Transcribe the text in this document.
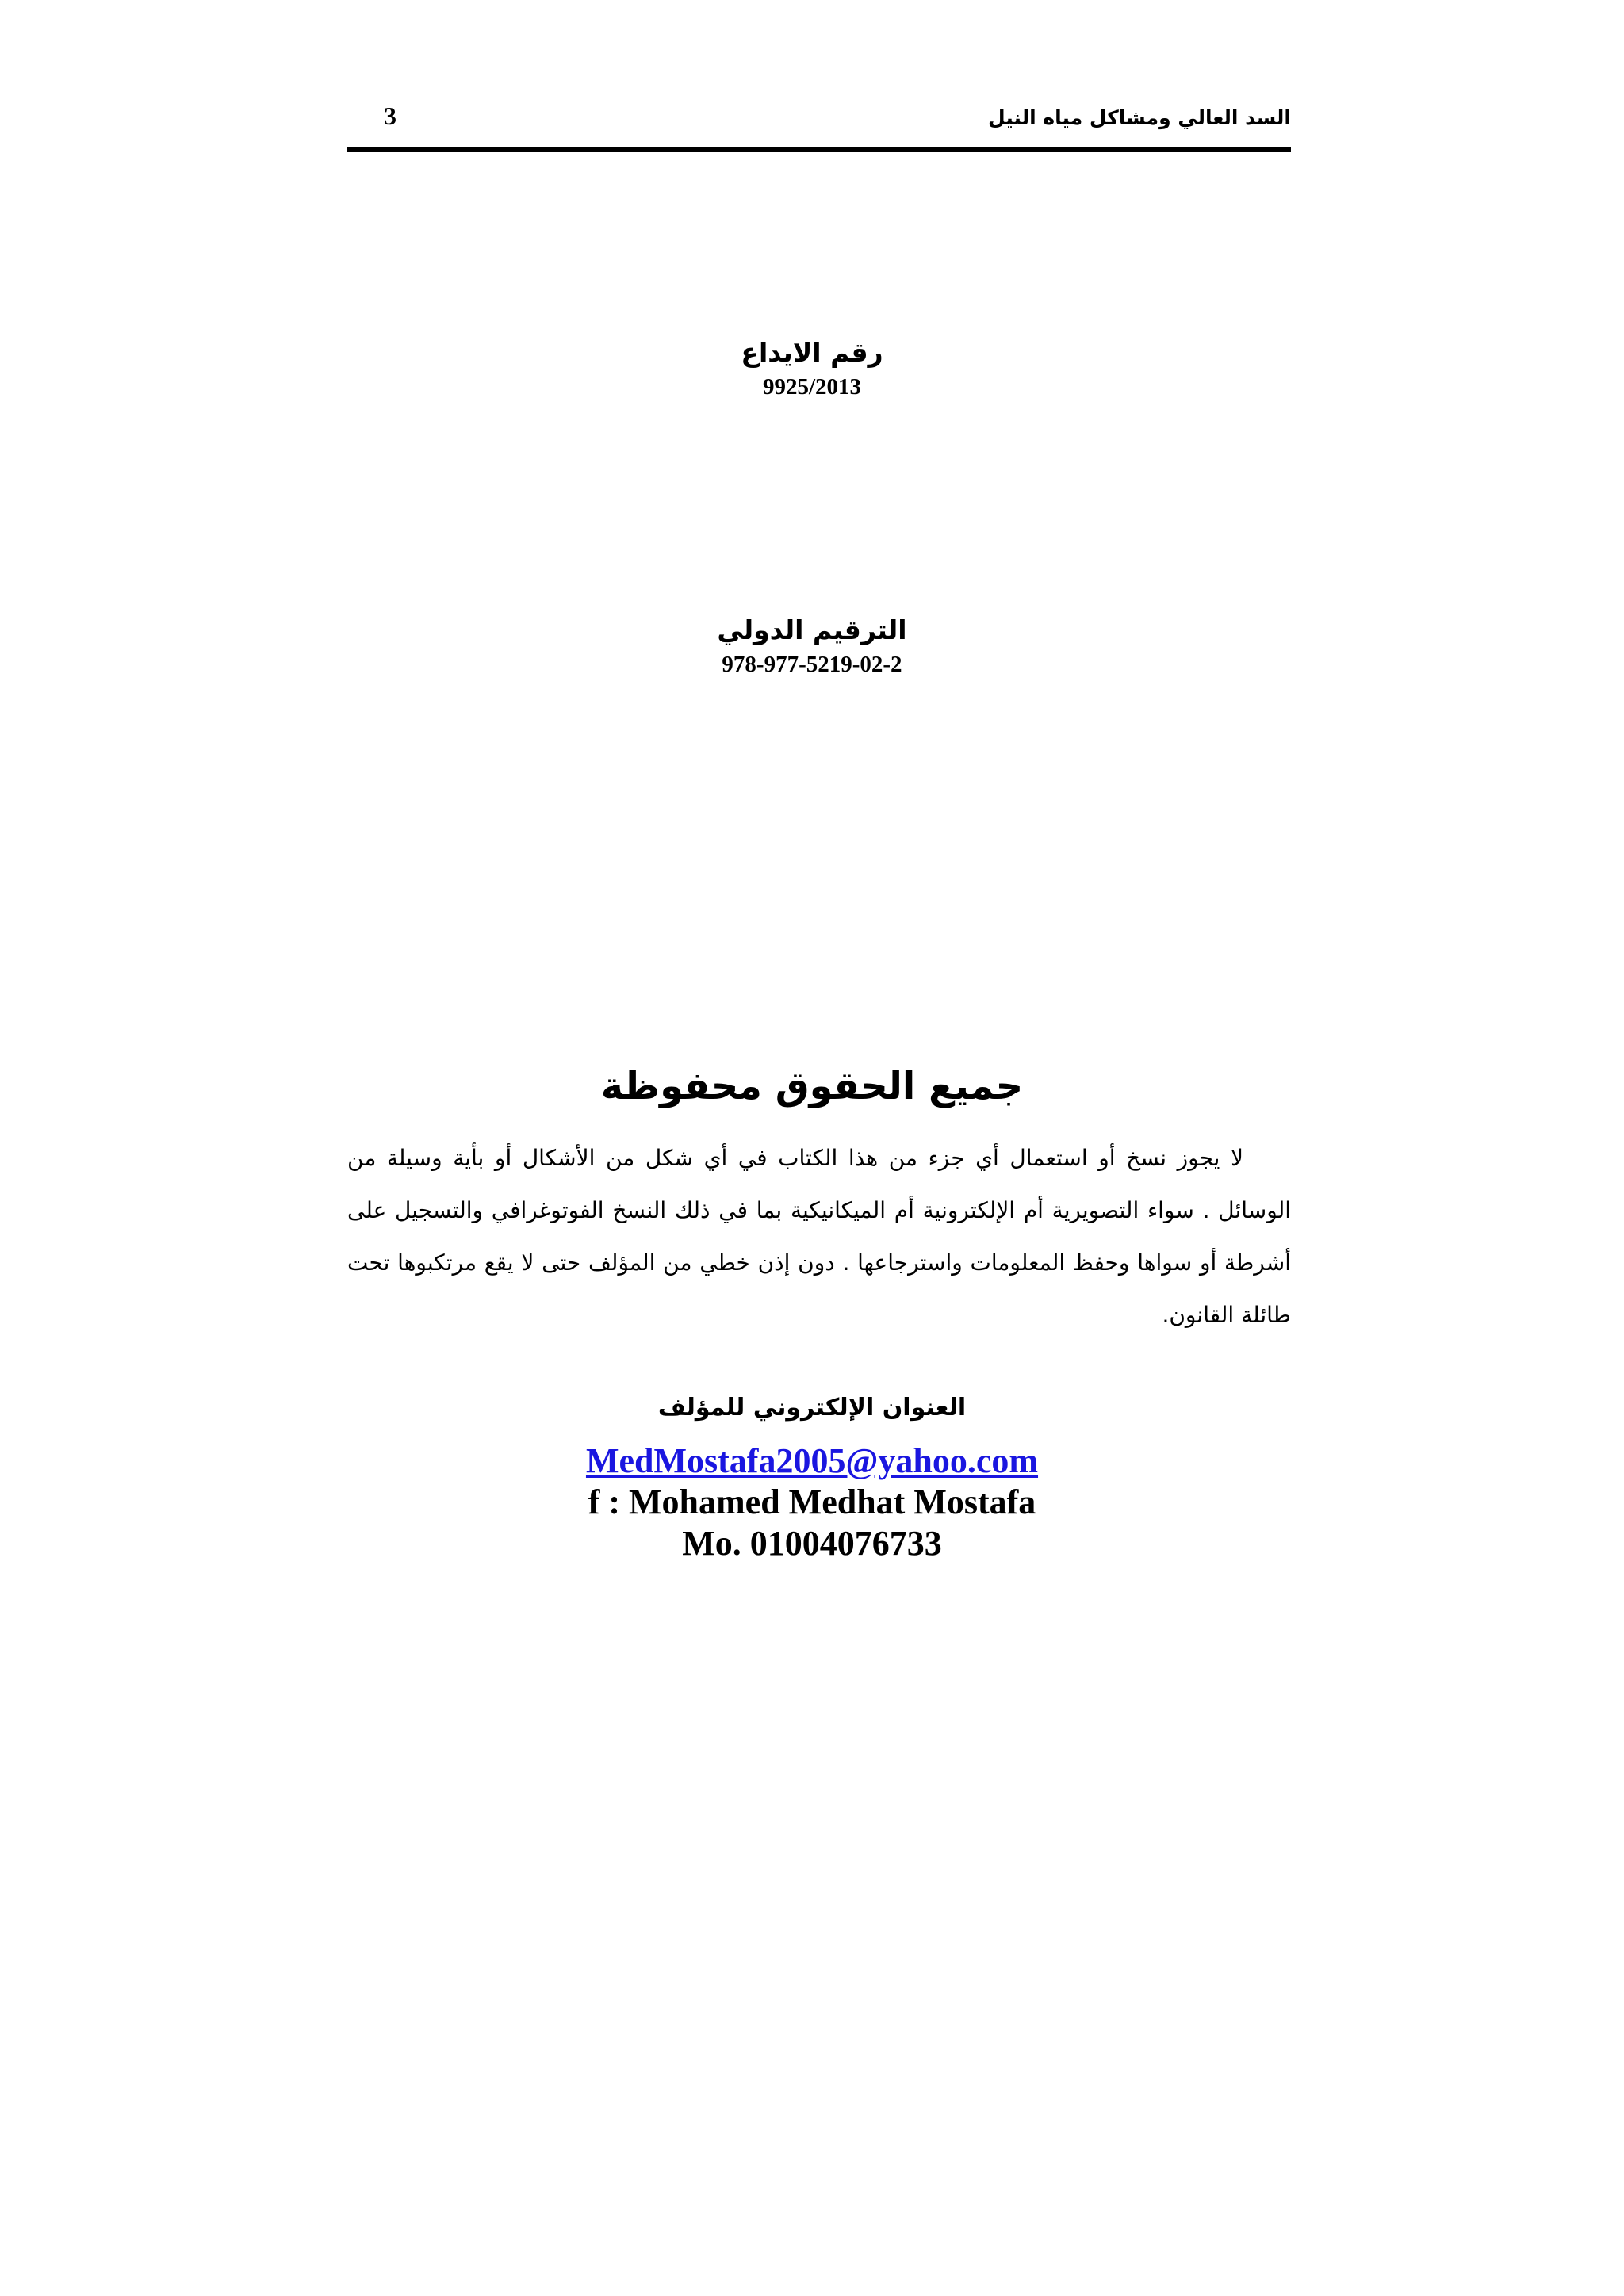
السد العالي ومشاكل مياه النيل
3
رقم الايداع
9925/2013
الترقيم الدولي
978-977-5219-02-2
جميع الحقوق محفوظة
لا يجوز نسخ أو استعمال أي جزء من هذا الكتاب في أي شكل من الأشكال أو بأية وسيلة من الوسائل . سواء التصويرية أم الإلكترونية أم الميكانيكية بما في ذلك النسخ الفوتوغرافي والتسجيل على أشرطة أو سواها وحفظ المعلومات واسترجاعها . دون إذن خطي من المؤلف حتى لا يقع مرتكبوها تحت طائلة القانون.
العنوان الإلكتروني للمؤلف
MedMostafa2005@yahoo.com
f : Mohamed Medhat Mostafa
Mo. 01004076733
